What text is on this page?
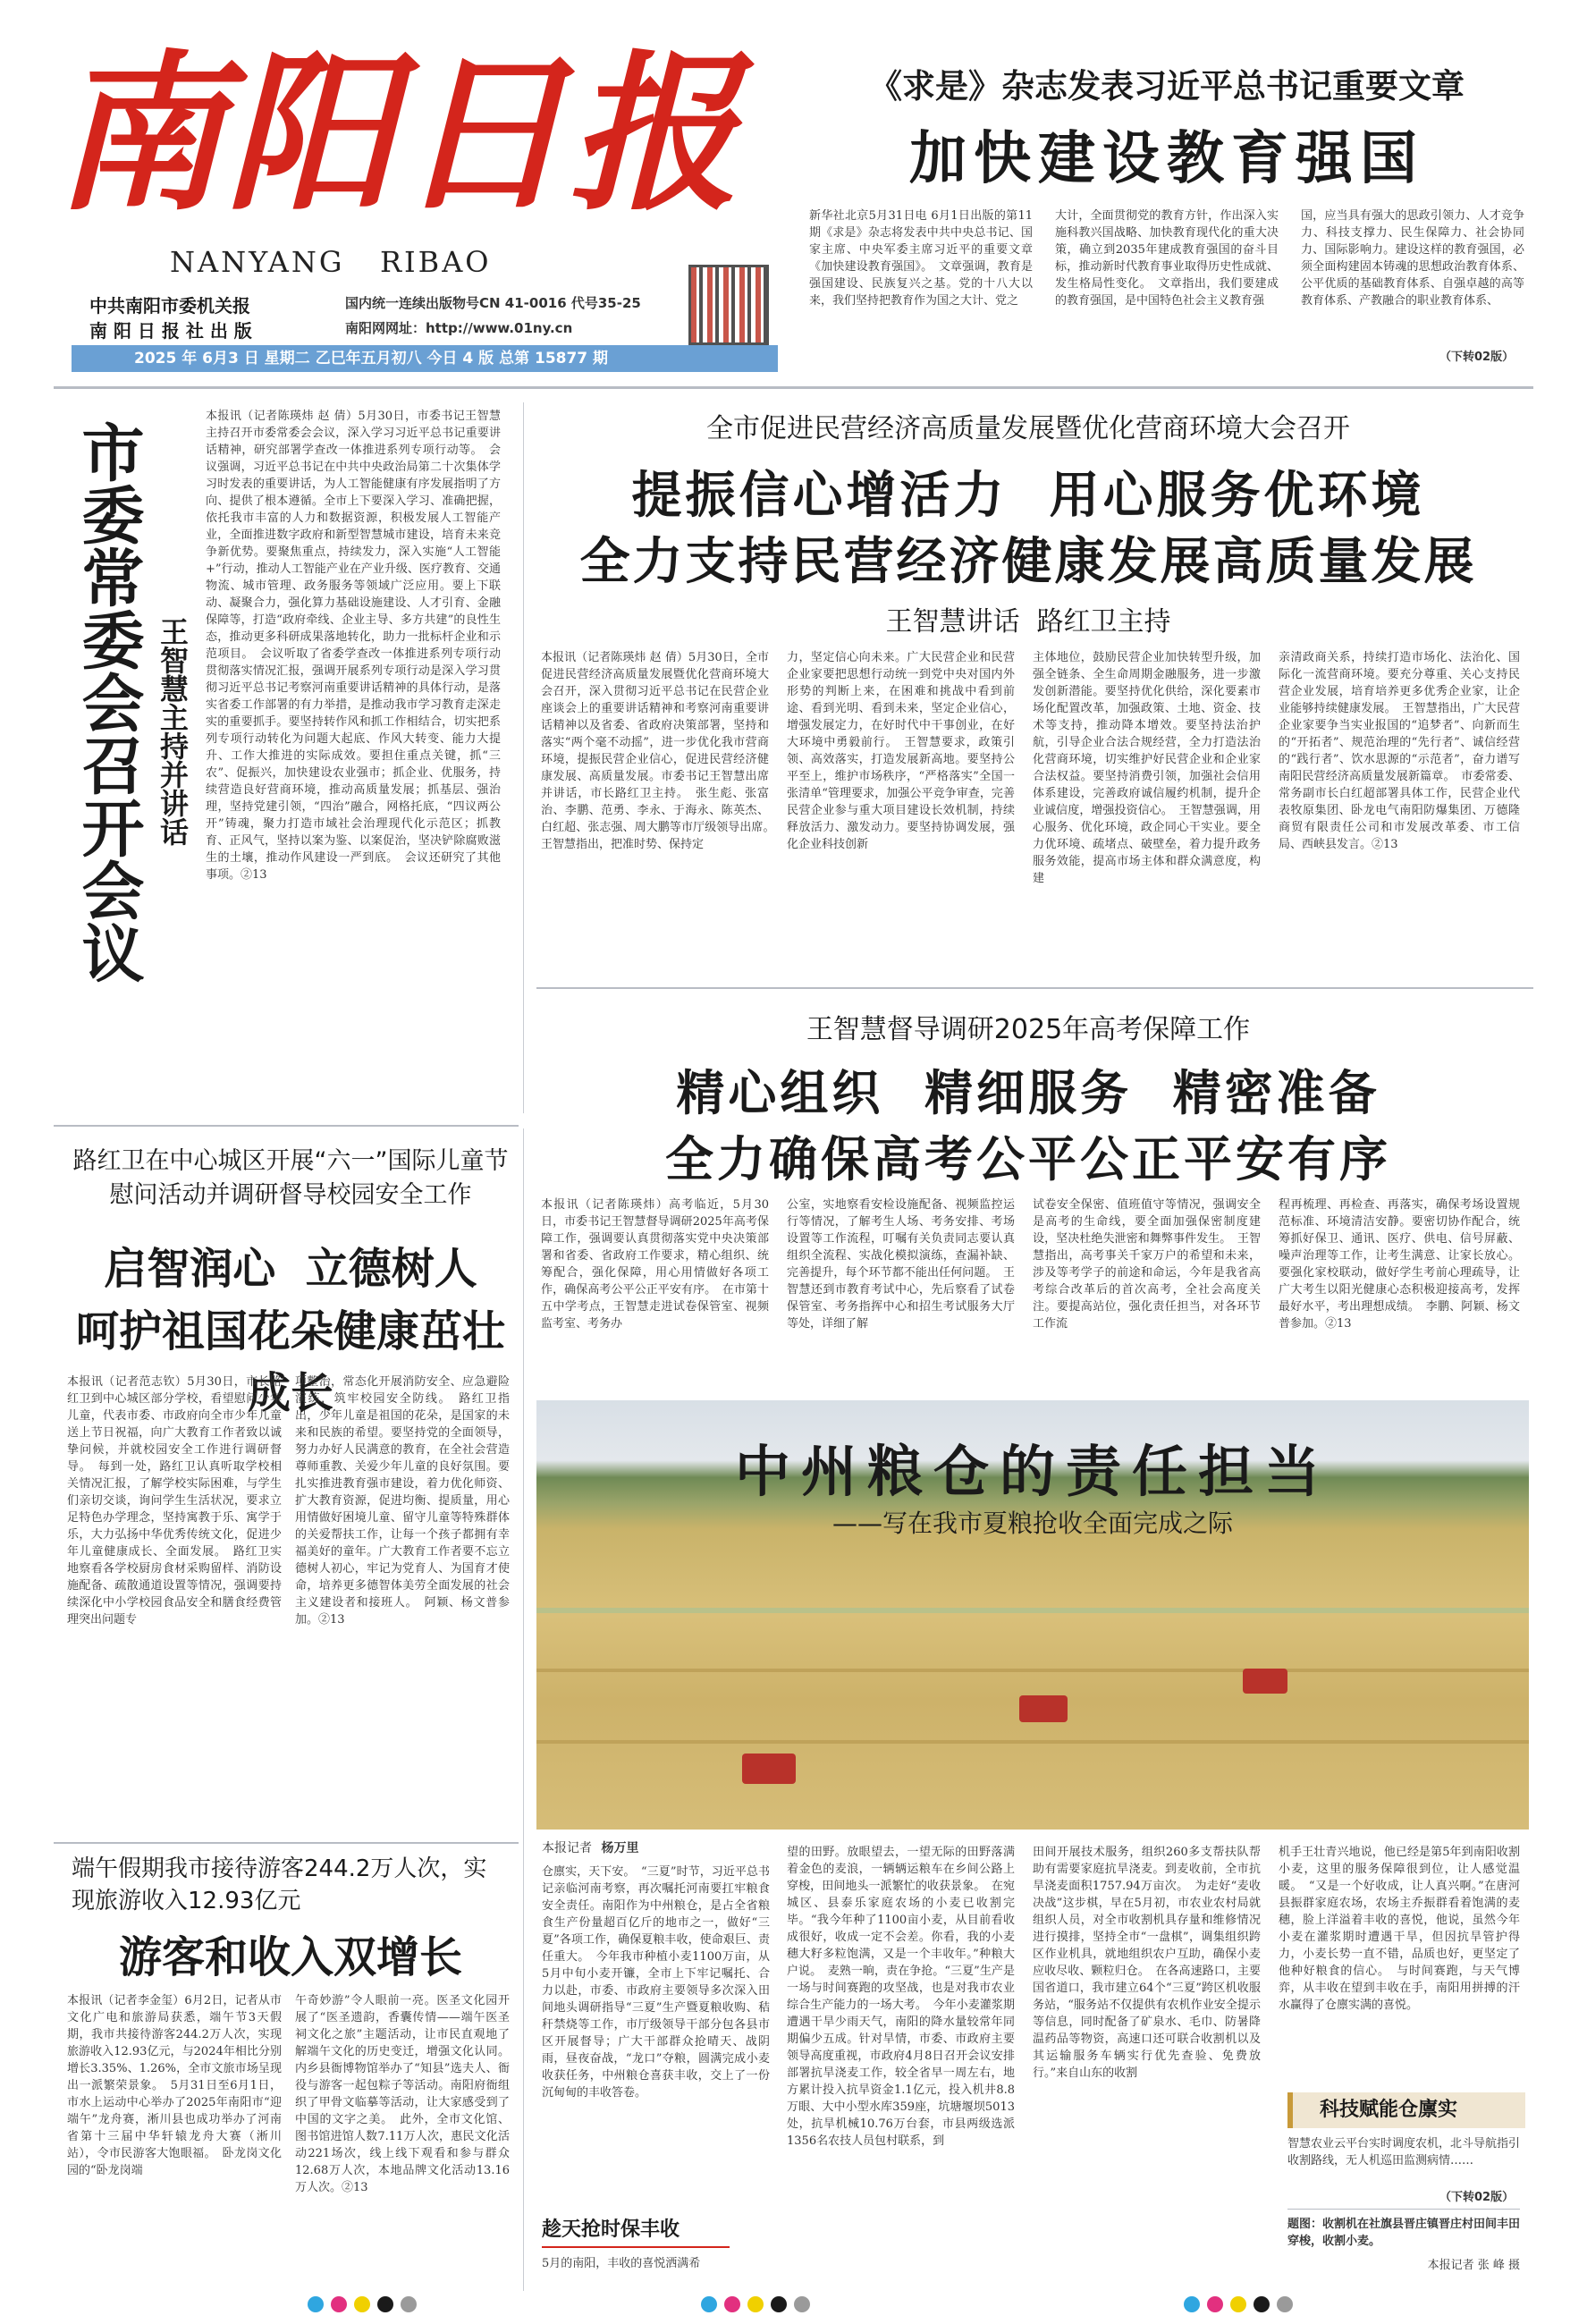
南阳日报
NANYANG   RIBAO
中共南阳市委机关报
南 阳 日 报 社 出 版
国内统一连续出版物号CN 41-0016 代号35-25
南阳网网址：http://www.01ny.cn
2025 年 6月3 日 星期二 乙巳年五月初八 今日 4 版 总第 15877 期
《求是》杂志发表习近平总书记重要文章
加快建设教育强国
新华社北京5月31日电 6月1日出版的第11期《求是》杂志将发表中共中央总书记、国家主席、中央军委主席习近平的重要文章《加快建设教育强国》。　文章强调，教育是强国建设、民族复兴之基。党的十八大以来，我们坚持把教育作为国之大计、党之
大计，全面贯彻党的教育方针，作出深入实施科教兴国战略、加快教育现代化的重大决策，确立到2035年建成教育强国的奋斗目标，推动新时代教育事业取得历史性成就、发生格局性变化。　文章指出，我们要建成的教育强国，是中国特色社会主义教育强
国，应当具有强大的思政引领力、人才竞争力、科技支撑力、民生保障力、社会协同力、国际影响力。建设这样的教育强国，必须全面构建固本铸魂的思想政治教育体系、公平优质的基础教育体系、自强卓越的高等教育体系、产教融合的职业教育体系、
（下转02版）
市委常委会召开会议 王智慧主持并讲话
本报讯（记者陈瑛炜 赵 倩）5月30日，市委书记王智慧主持召开市委常委会会议，深入学习习近平总书记重要讲话精神，研究部署学查改一体推进系列专项行动等。　会议强调，习近平总书记在中共中央政治局第二十次集体学习时发表的重要讲话，为人工智能健康有序发展指明了方向、提供了根本遵循。全市上下要深入学习、准确把握，依托我市丰富的人力和数据资源，积极发展人工智能产业，全面推进数字政府和新型智慧城市建设，培育未来竞争新优势。要聚焦重点，持续发力，深入实施“人工智能+”行动，推动人工智能产业在产业升级、医疗教育、交通物流、城市管理、政务服务等领域广泛应用。要上下联动、凝聚合力，强化算力基础设施建设、人才引育、金融保障等，打造“政府牵线、企业主导、多方共建”的良性生态，推动更多科研成果落地转化，助力一批标杆企业和示范项目。　会议听取了省委学查改一体推进系列专项行动贯彻落实情况汇报，强调开展系列专项行动是深入学习贯彻习近平总书记考察河南重要讲话精神的具体行动，是落实省委工作部署的有力举措，是推动我市学习教育走深走实的重要抓手。要坚持转作风和抓工作相结合，切实把系列专项行动转化为问题大起底、作风大转变、能力大提升、工作大推进的实际成效。要担住重点关键，抓“三农”、促振兴，加快建设农业强市；抓企业、优服务，持续营造良好营商环境，推动高质量发展；抓基层、强治理，坚持党建引领，“四治”融合，网格托底，“四议两公开”铸魂，聚力打造市域社会治理现代化示范区；抓教育、正风气，坚持以案为鉴、以案促治，坚决铲除腐败滋生的土壤，推动作风建设一严到底。　会议还研究了其他事项。②13
全市促进民营经济高质量发展暨优化营商环境大会召开
提振信心增活力  用心服务优环境
全力支持民营经济健康发展高质量发展
王智慧讲话  路红卫主持
本报讯（记者陈瑛炜 赵 倩）5月30日，全市促进民营经济高质量发展暨优化营商环境大会召开，深入贯彻习近平总书记在民营企业座谈会上的重要讲话精神和考察河南重要讲话精神以及省委、省政府决策部署，坚持和落实“两个毫不动摇”，进一步优化我市营商环境，提振民营企业信心，促进民营经济健康发展、高质量发展。市委书记王智慧出席并讲话，市长路红卫主持。　张生彪、张富治、李鹏、范勇、李永、于海永、陈英杰、白红超、张志强、周大鹏等市厅级领导出席。　王智慧指出，把准时势、保持定
力，坚定信心向未来。广大民营企业和民营企业家要把思想行动统一到党中央对国内外形势的判断上来，在困难和挑战中看到前途、看到光明、看到未来，坚定企业信心，增强发展定力，在好时代中干事创业，在好大环境中勇毅前行。　王智慧要求，政策引领、高效落实，打造发展新高地。要坚持公平至上，维护市场秩序，“严格落实”全国一张清单“管理要求，加强公平竞争审查，完善民营企业参与重大项目建设长效机制，持续释放活力、激发动力。要坚持协调发展，强化企业科技创新
主体地位，鼓励民营企业加快转型升级，加强全链条、全生命周期金融服务，进一步激发创新潜能。要坚持优化供给，深化要素市场化配置改革，加强政策、土地、资金、技术等支持，推动降本增效。要坚持法治护航，引导企业合法合规经营，全力打造法治化营商环境，切实维护好民营企业和企业家合法权益。要坚持消费引领，加强社会信用体系建设，完善政府诚信履约机制，提升企业诚信度，增强投资信心。　王智慧强调，用心服务、优化环境，政企同心干实业。要全力优环境、疏堵点、破壁垒，着力提升政务服务效能，提高市场主体和群众满意度，构建
亲清政商关系，持续打造市场化、法治化、国际化一流营商环境。要充分尊重、关心支持民营企业发展，培育培养更多优秀企业家，让企业能够持续健康发展。　王智慧指出，广大民营企业家要争当实业报国的“追梦者”、向新而生的“开拓者”、规范治理的“先行者”、诚信经营的“践行者”、饮水思源的“示范者”，奋力谱写南阳民营经济高质量发展新篇章。　市委常委、常务副市长白红超部署具体工作，民营企业代表牧原集团、卧龙电气南阳防爆集团、万德隆商贸有限责任公司和市发展改革委、市工信局、西峡县发言。②13
王智慧督导调研2025年高考保障工作
精心组织  精细服务  精密准备
全力确保高考公平公正平安有序
本报讯（记者陈瑛炜）高考临近，5月30日，市委书记王智慧督导调研2025年高考保障工作，强调要认真贯彻落实党中央决策部署和省委、省政府工作要求，精心组织、统筹配合，强化保障，用心用情做好各项工作，确保高考公平公正平安有序。　在市第十五中学考点，王智慧走进试卷保管室、视频监考室、考务办
公室，实地察看安检设施配备、视频监控运行等情况，了解考生人场、考务安排、考场设置等工作流程，叮嘱有关负责同志要认真组织全流程、实战化模拟演练，查漏补缺、完善提升，每个环节都不能出任何问题。　王智慧还到市教育考试中心，先后察看了试卷保管室、考务指挥中心和招生考试服务大厅等处，详细了解
试卷安全保密、值班值守等情况，强调安全是高考的生命线，要全面加强保密制度建设，坚决杜绝失泄密和舞弊事件发生。　王智慧指出，高考事关千家万户的希望和未来，涉及等考学子的前途和命运，今年是我省高考综合改革后的首次高考，全社会高度关注。要提高站位，强化责任担当，对各环节工作流
程再梳理、再检查、再落实，确保考场设置规范标准、环境清洁安静。要密切协作配合，统筹抓好保卫、通讯、医疗、供电、信号屏蔽、噪声治理等工作，让考生满意、让家长放心。要强化家校联动，做好学生考前心理疏导，让广大考生以阳光健康心态积极迎接高考，发挥最好水平，考出理想成绩。　李鹏、阿颖、杨文普参加。②13
路红卫在中心城区开展“六一”国际儿童节慰问活动并调研督导校园安全工作
启智润心  立德树人
呵护祖国花朵健康茁壮成长
本报讯（记者范志钦）5月30日，市长路红卫到中心城区部分学校，看望慰问少年儿童，代表市委、市政府向全市少年儿童送上节日祝福，向广大教育工作者致以诚挚问候，并就校园安全工作进行调研督导。　每到一处，路红卫认真听取学校相关情况汇报，了解学校实际困难，与学生们亲切交谈，询问学生生活状况，要求立足特色办学理念，坚持寓教于乐、寓学于乐，大力弘扬中华优秀传统文化，促进少年儿童健康成长、全面发展。　路红卫实地察看各学校厨房食材采购留样、消防设施配备、疏散通道设置等情况，强调要持续深化中小学校园食品安全和膳食经费管理突出问题专
项整治，常态化开展消防安全、应急避险演练，筑牢校园安全防线。　路红卫指出，少年儿童是祖国的花朵，是国家的未来和民族的希望。要坚持党的全面领导，努力办好人民满意的教育，在全社会营造尊师重教、关爱少年儿童的良好氛围。要扎实推进教育强市建设，着力优化师资、扩大教育资源，促进均衡、提质量，用心用情做好困境儿童、留守儿童等特殊群体的关爱帮扶工作，让每一个孩子都拥有幸福美好的童年。广大教育工作者要不忘立德树人初心，牢记为党育人、为国育才使命，培养更多德智体美劳全面发展的社会主义建设者和接班人。　阿颖、杨文普参加。②13
端午假期我市接待游客244.2万人次，实现旅游收入12.93亿元
游客和收入双增长
本报讯（记者李金玺）6月2日，记者从市文化广电和旅游局获悉，端午节3天假期，我市共接待游客244.2万人次，实现旅游收入12.93亿元，与2024年相比分别增长3.35%、1.26%，全市文旅市场呈现出一派繁荣景象。　5月31日至6月1日，市水上运动中心举办了2025年南阳市“迎端午”龙舟赛，淅川县也成功举办了河南省第十三届中华轩辕龙舟大赛（淅川站），令市民游客大饱眼福。　卧龙岗文化园的“卧龙岗端
午奇妙游”令人眼前一亮。医圣文化园开展了“医圣遗韵，香囊传情——端午医圣祠文化之旅”主题活动，让市民直观地了解端午文化的历史变迁，增强文化认同。内乡县衙博物馆举办了“知县”选夫人、衙役与游客一起包粽子等活动。南阳府衙组织了甲骨文临摹等活动，让大家感受到了中国的文字之美。　此外，全市文化馆、图书馆进馆人数7.11万人次，惠民文化活动221场次，线上线下观看和参与群众12.68万人次，本地品牌文化活动13.16万人次。②13
中州粮仓的责任担当
——写在我市夏粮抢收全面完成之际
本报记者 杨万里
仓廪实，天下安。　“三夏”时节，习近平总书记亲临河南考察，再次嘱托河南要扛牢粮食安全责任。南阳作为中州粮仓，是占全省粮食生产份量超百亿斤的地市之一，做好“三夏”各项工作，确保夏粮丰收，使命艰巨、责任重大。　今年我市种植小麦1100万亩，从5月中旬小麦开镰，全市上下牢记嘱托、合力以赴，市委、市政府主要领导多次深入田间地头调研指导“三夏”生产暨夏粮收购、秸秆禁烧等工作，市厅级领导干部分包各县市区开展督导；广大干部群众抢晴天、战阴雨，昼夜奋战，“龙口”夺粮，圆满完成小麦收获任务，中州粮仓喜获丰收，交上了一份沉甸甸的丰收答卷。
趁天抢时保丰收
5月的南阳，丰收的喜悦洒满希
望的田野。放眼望去，一望无际的田野落满着金色的麦浪，一辆辆运粮车在乡间公路上穿梭，田间地头一派繁忙的收获景象。　在宛城区、县泰乐家庭农场的小麦已收割完毕。“我今年种了1100亩小麦，从目前看收成很好，收成一定不会差。你看，我的小麦穗大籽多粒饱满，又是一个丰收年。”种粮大户说。　麦熟一晌，责在争抢。“三夏”生产是一场与时间赛跑的攻坚战，也是对我市农业综合生产能力的一场大考。　今年小麦灌浆期遭遇干旱少雨天气，南阳的降水量较常年同期偏少五成。针对旱情，市委、市政府主要领导高度重视，市政府4月8日召开会议安排部署抗旱浇麦工作，较全省早一周左右，地方累计投入抗旱资金1.1亿元，投入机井8.8万眼、大中小型水库359座，坑塘堰坝5013处，抗旱机械10.76万台套，市县两级选派1356名农技人员包村联系，到
田间开展技术服务，组织260多支帮扶队帮助有需要家庭抗旱浇麦。到麦收前，全市抗旱浇麦面积1757.94万亩次。　为走好“麦收决战”这步棋，早在5月初，市农业农村局就组织人员，对全市收割机具存量和维修情况进行摸排，坚持全市“一盘棋”，调集组织跨区作业机具，就地组织农户互助，确保小麦应收尽收、颗粒归仓。　在各高速路口，主要国省道口，我市建立64个“三夏”跨区机收服务站，“服务站不仅提供有农机作业安全提示等信息，同时配备了矿泉水、毛巾、防暑降温药品等物资，高速口还可联合收割机以及其运输服务车辆实行优先查验、免费放行。”来自山东的收割
机手王壮青兴地说，他已经是第5年到南阳收割小麦，这里的服务保障很到位，让人感觉温暖。　“又是一个好收成，让人真兴啊。”在唐河县振群家庭农场，农场主乔振群看着饱满的麦穗，脸上洋溢着丰收的喜悦，他说，虽然今年小麦在灌浆期时遭遇干旱，但因抗旱管护得力，小麦长势一直不错，品质也好，更坚定了他种好粮食的信心。　与时间赛跑，与天气博弈，从丰收在望到丰收在手，南阳用拼搏的汗水赢得了仓廪实满的喜悦。
科技赋能仓廪实
智慧农业云平台实时调度农机，北斗导航指引收割路线，无人机巡田监测病情……
（下转02版）
题图：收割机在社旗县晋庄镇晋庄村田间丰田穿梭，收割小麦。
本报记者 张 峰 摄
